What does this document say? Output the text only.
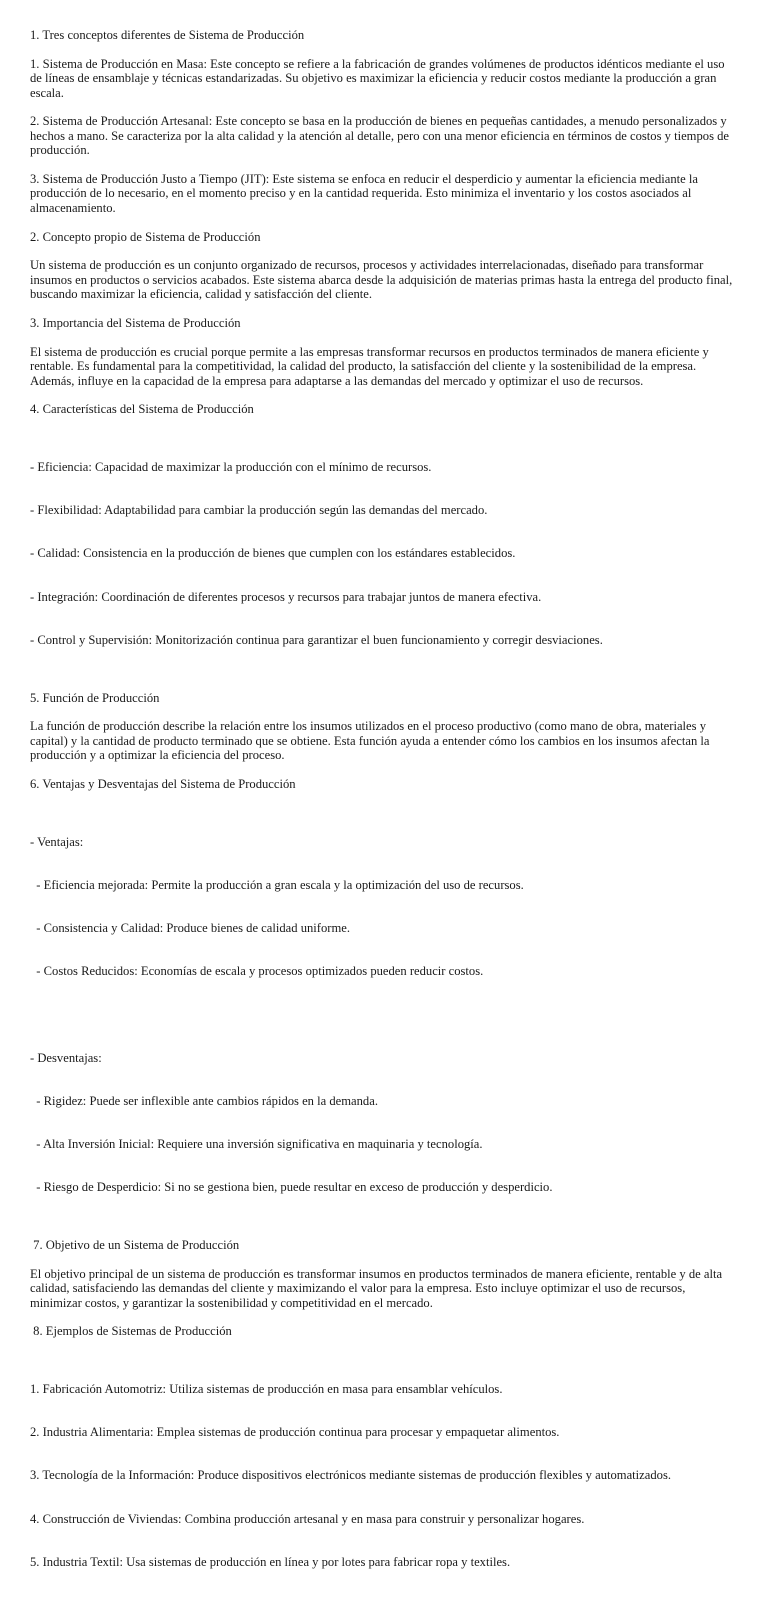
1. Tres conceptos diferentes de Sistema de Producción

1. Sistema de Producción en Masa: Este concepto se refiere a la fabricación de grandes volúmenes de productos idénticos mediante el uso de líneas de ensamblaje y técnicas estandarizadas. Su objetivo es maximizar la eficiencia y reducir costos mediante la producción a gran escala.

2. Sistema de Producción Artesanal: Este concepto se basa en la producción de bienes en pequeñas cantidades, a menudo personalizados y hechos a mano. Se caracteriza por la alta calidad y la atención al detalle, pero con una menor eficiencia en términos de costos y tiempos de producción.

3. Sistema de Producción Justo a Tiempo (JIT): Este sistema se enfoca en reducir el desperdicio y aumentar la eficiencia mediante la producción de lo necesario, en el momento preciso y en la cantidad requerida. Esto minimiza el inventario y los costos asociados al almacenamiento.

2. Concepto propio de Sistema de Producción

Un sistema de producción es un conjunto organizado de recursos, procesos y actividades interrelacionadas, diseñado para transformar insumos en productos o servicios acabados. Este sistema abarca desde la adquisición de materias primas hasta la entrega del producto final, buscando maximizar la eficiencia, calidad y satisfacción del cliente.

3. Importancia del Sistema de Producción

El sistema de producción es crucial porque permite a las empresas transformar recursos en productos terminados de manera eficiente y rentable. Es fundamental para la competitividad, la calidad del producto, la satisfacción del cliente y la sostenibilidad de la empresa. Además, influye en la capacidad de la empresa para adaptarse a las demandas del mercado y optimizar el uso de recursos.

4. Características del Sistema de Producción

- Eficiencia: Capacidad de maximizar la producción con el mínimo de recursos.

- Flexibilidad: Adaptabilidad para cambiar la producción según las demandas del mercado.

- Calidad: Consistencia en la producción de bienes que cumplen con los estándares establecidos.

- Integración: Coordinación de diferentes procesos y recursos para trabajar juntos de manera efectiva.

- Control y Supervisión: Monitorización continua para garantizar el buen funcionamiento y corregir desviaciones.

5. Función de Producción

La función de producción describe la relación entre los insumos utilizados en el proceso productivo (como mano de obra, materiales y capital) y la cantidad de producto terminado que se obtiene. Esta función ayuda a entender cómo los cambios en los insumos afectan la producción y a optimizar la eficiencia del proceso.

6. Ventajas y Desventajas del Sistema de Producción

- Ventajas:

- Eficiencia mejorada: Permite la producción a gran escala y la optimización del uso de recursos.

- Consistencia y Calidad: Produce bienes de calidad uniforme.

- Costos Reducidos: Economías de escala y procesos optimizados pueden reducir costos.

- Desventajas:

- Rigidez: Puede ser inflexible ante cambios rápidos en la demanda.

- Alta Inversión Inicial: Requiere una inversión significativa en maquinaria y tecnología.

- Riesgo de Desperdicio: Si no se gestiona bien, puede resultar en exceso de producción y desperdicio.

7. Objetivo de un Sistema de Producción

El objetivo principal de un sistema de producción es transformar insumos en productos terminados de manera eficiente, rentable y de alta calidad, satisfaciendo las demandas del cliente y maximizando el valor para la empresa. Esto incluye optimizar el uso de recursos, minimizar costos, y garantizar la sostenibilidad y competitividad en el mercado.

8. Ejemplos de Sistemas de Producción

1. Fabricación Automotriz: Utiliza sistemas de producción en masa para ensamblar vehículos.

2. Industria Alimentaria: Emplea sistemas de producción continua para procesar y empaquetar alimentos.

3. Tecnología de la Información: Produce dispositivos electrónicos mediante sistemas de producción flexibles y automatizados.

4. Construcción de Viviendas: Combina producción artesanal y en masa para construir y personalizar hogares.

5. Industria Textil: Usa sistemas de producción en línea y por lotes para fabricar ropa y textiles.
